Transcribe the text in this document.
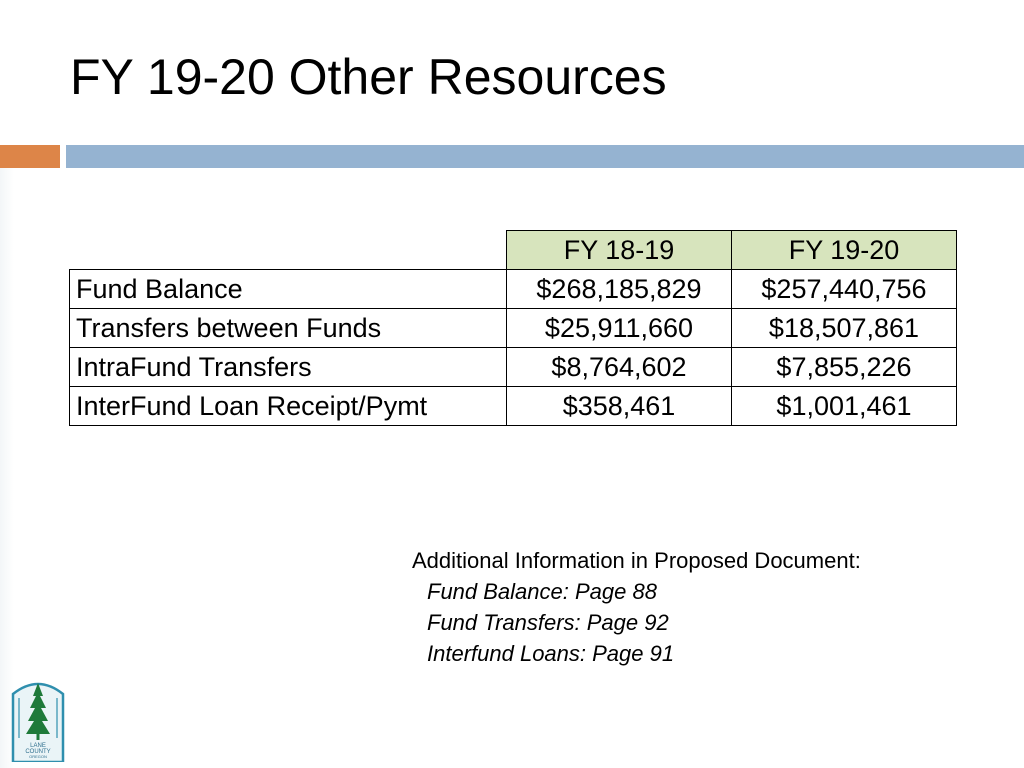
FY 19-20 Other Resources
	FY 18-19	FY 19-20
Fund Balance	$268,185,829	$257,440,756
Transfers between Funds	$25,911,660	$18,507,861
IntraFund Transfers	$8,764,602	$7,855,226
InterFund Loan Receipt/Pymt	$358,461	$1,001,461
Additional Information in Proposed Document:
Fund Balance: Page 88
Fund Transfers: Page 92
Interfund Loans: Page 91
LANE
COUNTY
OREGON
